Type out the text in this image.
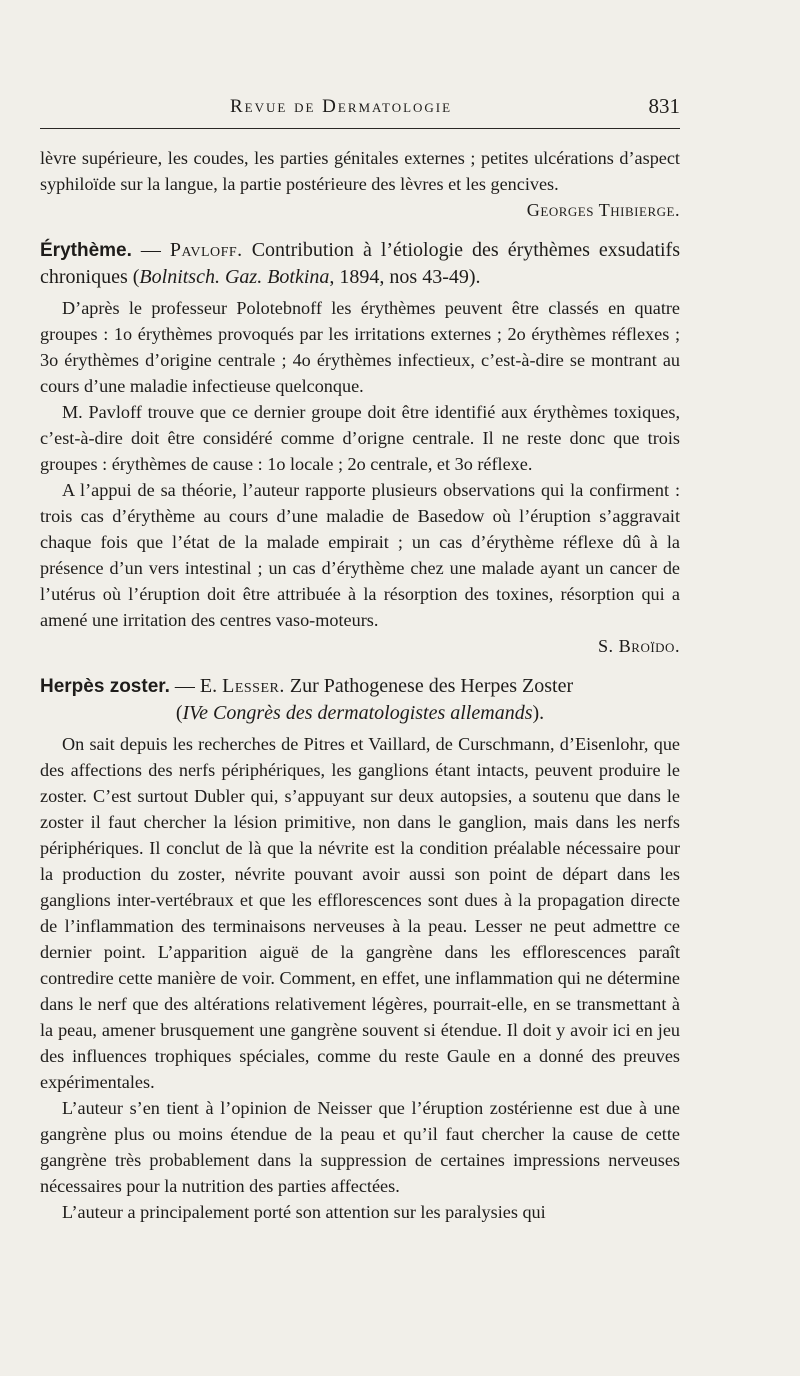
Revue de Dermatologie	831

lèvre supérieure, les coudes, les parties génitales externes ; petites ulcérations d’aspect syphiloïde sur la langue, la partie postérieure des lèvres et les gencives.

Georges Thibierge.

Érythème. — Pavloff. Contribution à l’étiologie des érythèmes exsudatifs chroniques (Bolnitsch. Gaz. Botkina, 1894, nos 43-49).

D’après le professeur Polotebnoff les érythèmes peuvent être classés en quatre groupes : 1o érythèmes provoqués par les irritations externes ; 2o érythèmes réflexes ; 3o érythèmes d’origine centrale ; 4o érythèmes infectieux, c’est-à-dire se montrant au cours d’une maladie infectieuse quelconque.

M. Pavloff trouve que ce dernier groupe doit être identifié aux érythèmes toxiques, c’est-à-dire doit être considéré comme d’origne centrale. Il ne reste donc que trois groupes : érythèmes de cause : 1o locale ; 2o centrale, et 3o réflexe.

A l’appui de sa théorie, l’auteur rapporte plusieurs observations qui la confirment : trois cas d’érythème au cours d’une maladie de Basedow où l’éruption s’aggravait chaque fois que l’état de la malade empirait ; un cas d’érythème réflexe dû à la présence d’un vers intestinal ; un cas d’érythème chez une malade ayant un cancer de l’utérus où l’éruption doit être attribuée à la résorption des toxines, résorption qui a amené une irritation des centres vaso-moteurs.

S. Broïdo.

Herpès zoster. — E. Lesser. Zur Pathogenese des Herpes Zoster

(IVe Congrès des dermatologistes allemands).

On sait depuis les recherches de Pitres et Vaillard, de Curschmann, d’Eisenlohr, que des affections des nerfs périphériques, les ganglions étant intacts, peuvent produire le zoster. C’est surtout Dubler qui, s’appuyant sur deux autopsies, a soutenu que dans le zoster il faut chercher la lésion primitive, non dans le ganglion, mais dans les nerfs périphériques. Il conclut de là que la névrite est la condition préalable nécessaire pour la production du zoster, névrite pouvant avoir aussi son point de départ dans les ganglions inter-vertébraux et que les efflorescences sont dues à la propagation directe de l’inflammation des terminaisons nerveuses à la peau. Lesser ne peut admettre ce dernier point. L’apparition aiguë de la gangrène dans les efflorescences paraît contredire cette manière de voir. Comment, en effet, une inflammation qui ne détermine dans le nerf que des altérations relativement légères, pourrait-elle, en se transmettant à la peau, amener brusquement une gangrène souvent si étendue. Il doit y avoir ici en jeu des influences trophiques spéciales, comme du reste Gaule en a donné des preuves expérimentales.

L’auteur s’en tient à l’opinion de Neisser que l’éruption zostérienne est due à une gangrène plus ou moins étendue de la peau et qu’il faut chercher la cause de cette gangrène très probablement dans la suppression de certaines impressions nerveuses nécessaires pour la nutrition des parties affectées.

L’auteur a principalement porté son attention sur les paralysies qui
